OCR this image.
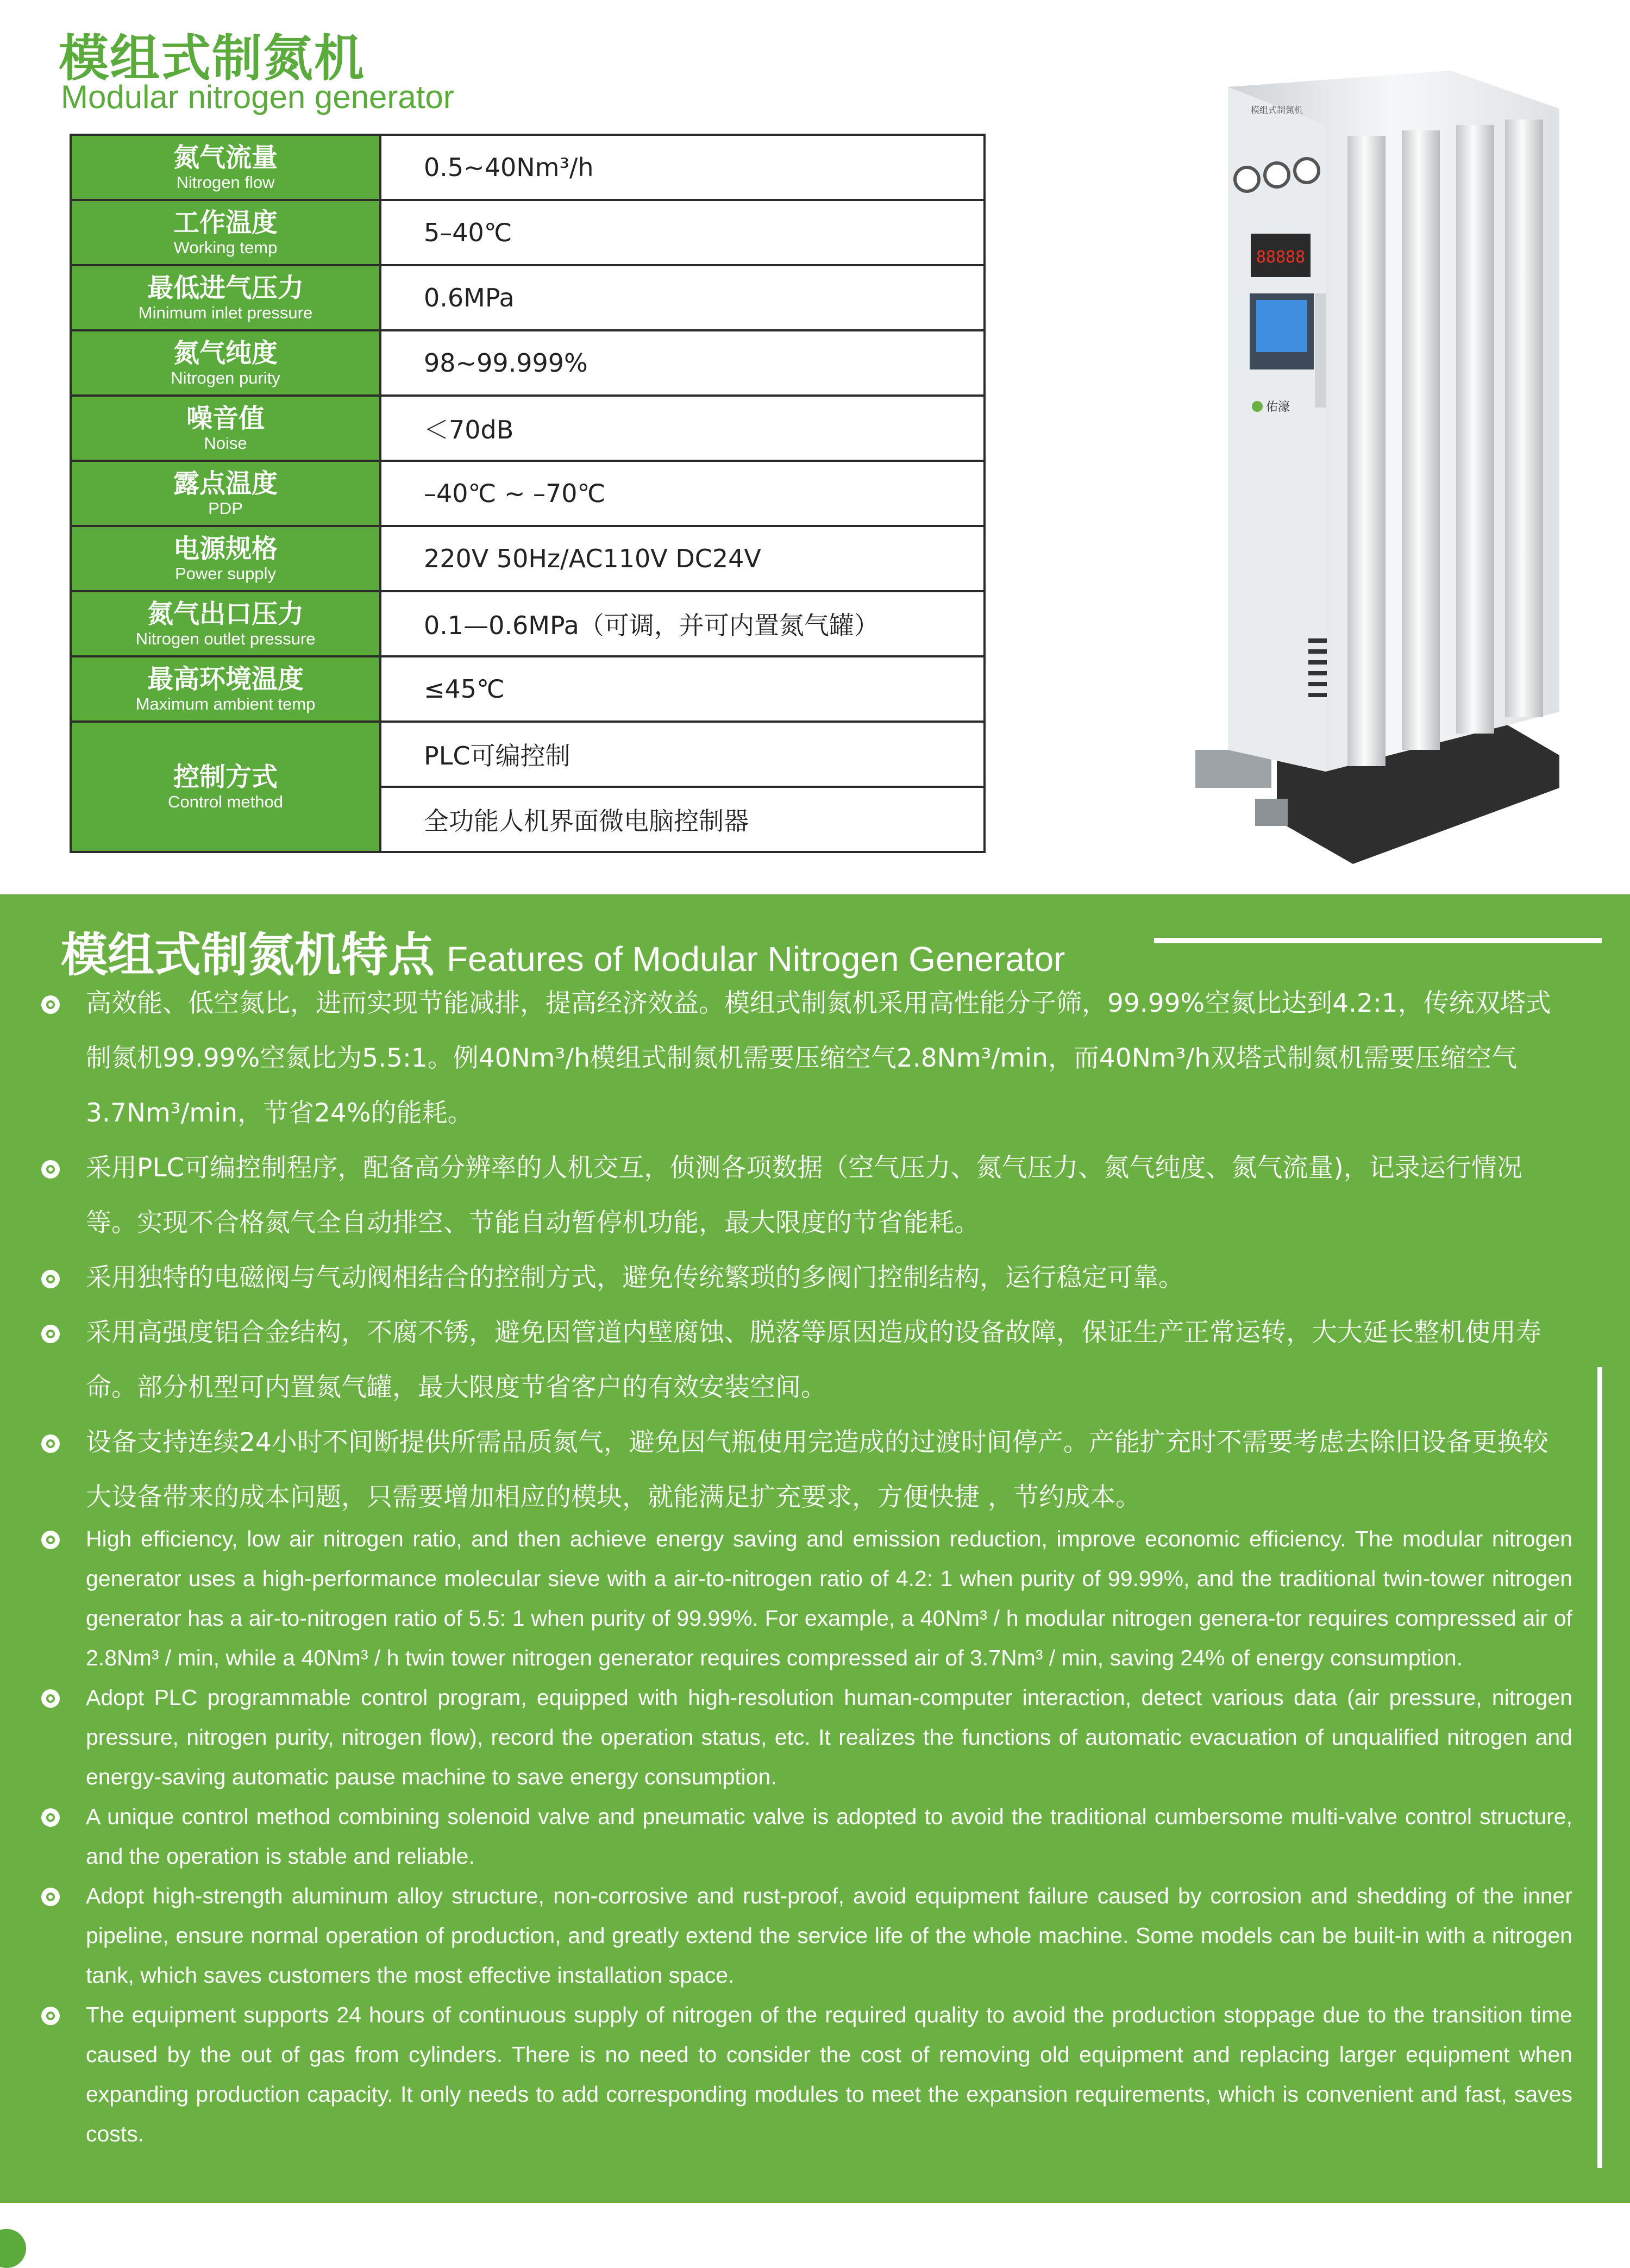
模组式制氮机
Modular nitrogen generator
氮气流量
Nitrogen flow	0.5~40Nm³/h

工作温度
Working temp	5–40℃

最低进气压力
Minimum inlet pressure	0.6MPa

氮气纯度
Nitrogen purity	98~99.999%

噪音值
Noise	＜70dB

露点温度
PDP	–40℃ ~ –70℃

电源规格
Power supply	220V 50Hz/AC110V DC24V

氮气出口压力
Nitrogen outlet pressure	0.1—0.6MPa（可调，并可内置氮气罐）

最高环境温度
Maximum ambient temp	≤45℃

控制方式
Control method	PLC可编控制
	全功能人机界面微电脑控制器
88888
佑濠
模组式制氮机
模组式制氮机特点 Features of Modular Nitrogen Generator
高效能、低空氮比，进而实现节能减排，提高经济效益。模组式制氮机采用高性能分子筛，99.99%空氮比达到4.2:1，传统双塔式制氮机99.99%空氮比为5.5:1。例40Nm³/h模组式制氮机需要压缩空气2.8Nm³/min，而40Nm³/h双塔式制氮机需要压缩空气3.7Nm³/min，节省24%的能耗。
采用PLC可编控制程序，配备高分辨率的人机交互，侦测各项数据（空气压力、氮气压力、氮气纯度、氮气流量)，记录运行情况等。实现不合格氮气全自动排空、节能自动暂停机功能，最大限度的节省能耗。
采用独特的电磁阀与气动阀相结合的控制方式，避免传统繁琐的多阀门控制结构，运行稳定可靠。
采用高强度铝合金结构，不腐不锈，避免因管道内壁腐蚀、脱落等原因造成的设备故障，保证生产正常运转，大大延长整机使用寿命。部分机型可内置氮气罐，最大限度节省客户的有效安装空间。
设备支持连续24小时不间断提供所需品质氮气，避免因气瓶使用完造成的过渡时间停产。产能扩充时不需要考虑去除旧设备更换较大设备带来的成本问题，只需要增加相应的模块，就能满足扩充要求，方便快捷 ，节约成本。
High efficiency, low air nitrogen ratio, and then achieve energy saving and emission reduction, improve economic efficiency. The modular nitrogen generator uses a high-performance molecular sieve with a air-to-nitrogen ratio of 4.2: 1 when purity of 99.99%, and the traditional twin-tower nitrogen generator has a air-to-nitrogen ratio of 5.5: 1 when purity of 99.99%. For example, a 40Nm³ / h modular nitrogen genera-tor requires compressed air of 2.8Nm³ / min, while a 40Nm³ / h twin tower nitrogen generator requires compressed air of 3.7Nm³ / min, saving 24% of energy consumption.
Adopt PLC programmable control program, equipped with high-resolution human-computer interaction, detect various data (air pressure, nitrogen pressure, nitrogen purity, nitrogen flow), record the operation status, etc. It realizes the functions of automatic evacuation of unqualified nitrogen and energy-saving automatic pause machine to save energy consumption.
A unique control method combining solenoid valve and pneumatic valve is adopted to avoid the traditional cumbersome multi-valve control structure, and the operation is stable and reliable.
Adopt high-strength aluminum alloy structure, non-corrosive and rust-proof, avoid equipment failure caused by corrosion and shedding of the inner pipeline, ensure normal operation of production, and greatly extend the service life of the whole machine. Some models can be built-in with a nitrogen tank, which saves customers the most effective installation space.
The equipment supports 24 hours of continuous supply of nitrogen of the required quality to avoid the production stoppage due to the transition time caused by the out of gas from cylinders. There is no need to consider the cost of removing old equipment and replacing larger equipment when expanding production capacity. It only needs to add corresponding modules to meet the expansion requirements, which is convenient and fast, saves costs.
